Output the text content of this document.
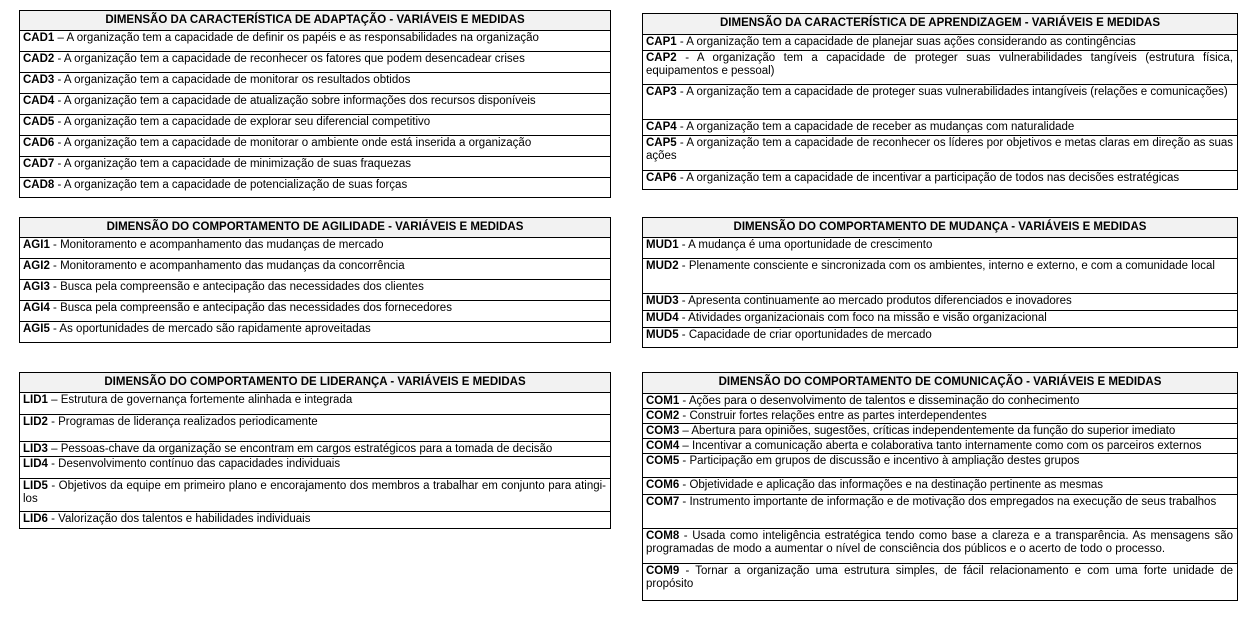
DIMENSÃO DA CARACTERÍSTICA DE ADAPTAÇÃO - VARIÁVEIS E MEDIDAS
CAD1 – A organização tem a capacidade de definir os papéis e as responsabilidades na organização
CAD2 - A organização tem a capacidade de reconhecer os fatores que podem desencadear crises
CAD3 - A organização tem a capacidade de monitorar os resultados obtidos
CAD4 - A organização tem a capacidade de atualização sobre informações dos recursos disponíveis
CAD5 - A organização tem a capacidade de explorar seu diferencial competitivo
CAD6 - A organização tem a capacidade de monitorar o ambiente onde está inserida a organização
CAD7 - A organização tem a capacidade de minimização de suas fraquezas
CAD8 - A organização tem a capacidade de potencialização de suas forças
DIMENSÃO DA CARACTERÍSTICA DE APRENDIZAGEM - VARIÁVEIS E MEDIDAS
CAP1 - A organização tem a capacidade de planejar suas ações considerando as contingências
CAP2 - A organização tem a capacidade de proteger suas vulnerabilidades tangíveis (estrutura física, equipamentos e pessoal)
CAP3 - A organização tem a capacidade de proteger suas vulnerabilidades intangíveis (relações e comunicações)
CAP4 - A organização tem a capacidade de receber as mudanças com naturalidade
CAP5 - A organização tem a capacidade de reconhecer os líderes por objetivos e metas claras em direção as suas ações
CAP6 - A organização tem a capacidade de incentivar a participação de todos nas decisões estratégicas
DIMENSÃO DO COMPORTAMENTO DE AGILIDADE - VARIÁVEIS E MEDIDAS
AGI1 - Monitoramento e acompanhamento das mudanças de mercado
AGI2 - Monitoramento e acompanhamento das mudanças da concorrência
AGI3 - Busca pela compreensão e antecipação das necessidades dos clientes
AGI4 - Busca pela compreensão e antecipação das necessidades dos fornecedores
AGI5 - As oportunidades de mercado são rapidamente aproveitadas
DIMENSÃO DO COMPORTAMENTO DE MUDANÇA - VARIÁVEIS E MEDIDAS
MUD1 - A mudança é uma oportunidade de crescimento
MUD2 - Plenamente consciente e sincronizada com os ambientes, interno e externo, e com a comunidade local
MUD3 - Apresenta continuamente ao mercado produtos diferenciados e inovadores
MUD4 - Atividades organizacionais com foco na missão e visão organizacional
MUD5 - Capacidade de criar oportunidades de mercado
DIMENSÃO DO COMPORTAMENTO DE LIDERANÇA - VARIÁVEIS E MEDIDAS
LID1 – Estrutura de governança fortemente alinhada e integrada
LID2 - Programas de liderança realizados periodicamente
LID3 – Pessoas-chave da organização se encontram em cargos estratégicos para a tomada de decisão
LID4 - Desenvolvimento contínuo das capacidades individuais
LID5 - Objetivos da equipe em primeiro plano e encorajamento dos membros a trabalhar em conjunto para atingi-los
LID6 - Valorização dos talentos e habilidades individuais
DIMENSÃO DO COMPORTAMENTO DE COMUNICAÇÃO - VARIÁVEIS E MEDIDAS
COM1 - Ações para o desenvolvimento de talentos e disseminação do conhecimento
COM2 - Construir fortes relações entre as partes interdependentes
COM3 – Abertura para opiniões, sugestões, críticas independentemente da função do superior imediato
COM4 – Incentivar a comunicação aberta e colaborativa tanto internamente como com os parceiros externos
COM5 - Participação em grupos de discussão e incentivo à ampliação destes grupos
COM6 - Objetividade e aplicação das informações e na destinação pertinente as mesmas
COM7 - Instrumento importante de informação e de motivação dos empregados na execução de seus trabalhos
COM8 - Usada como inteligência estratégica tendo como base a clareza e a transparência. As mensagens são programadas de modo a aumentar o nível de consciência dos públicos e o acerto de todo o processo.
COM9 - Tornar a organização uma estrutura simples, de fácil relacionamento e com uma forte unidade de propósito
